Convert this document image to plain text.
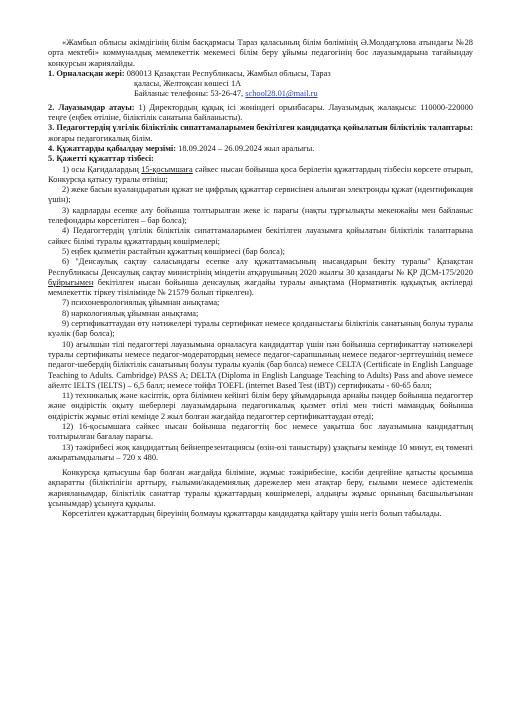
«Жамбыл облысы әкімдігінің білім басқармасы Тараз қаласының білім бөлімінің Ә.Молдағұлова атындағы №28 орта мектебі» коммуналдық мемлекеттік мекемесі білім беру ұйымы педагогінің бос лауазымдарына тағайындау конкурсын жариялайды.

1. Орналасқан жері: 080013 Қазақстан Республикасы, Жамбыл облысы, Тараз

қаласы, Желтоқсан көшесі 1А

Байланыс телефоны: 53-26-47, school28.01@mail.ru

2. Лауазымдар атауы: 1) Директордың құқық ісі жөніндегі орынбасары. Лауазымдық жалақысы: 110000-220000 теңге (еңбек өтіліне, біліктілік санатына байланысты).

3. Педагогтердің үлгілік біліктілік сипаттамаларымен бекітілген кандидатқа қойылатын біліктілік талаптары: жоғары педагогикалық білім.

4. Құжаттарды қабылдау мерзімі: 18.09.2024 – 26.09.2024 жыл аралығы.

5. Қажетті құжаттар тізбесі:

1) осы Қағидалардың 15-қосымшаға сәйкес нысан бойынша қоса берілетін құжаттардың тізбесін көрсете отырып, Конкурсқа қатысу туралы өтініш;

2) жеке басын куәландыратын құжат не цифрлық құжаттар сервисінен алынған электронды құжат (идентификация үшін);

3) кадрларды есепке алу бойынша толтырылған жеке іс парағы (нақты тұрғылықты мекенжайы мен байланыс телефондары көрсетілген – бар болса);

4) Педагогтердің үлгілік біліктілік сипаттамаларымен бекітілген лауазымға қойылатын біліктілік талаптарына сәйкес білімі туралы құжаттардың көшірмелері;

5) еңбек қызметін растайтын құжаттың көшірмесі (бар болса);

6) "Денсаулық сақтау саласындағы есепке алу құжаттамасының нысандарын бекіту туралы" Қазақстан Республикасы Денсаулық сақтау министрінің міндетін атқарушының 2020 жылғы 30 қазандағы № ҚР ДСМ-175/2020 бұйрығымен бекітілген нысан бойынша денсаулық жағдайы туралы анықтама (Нормативтік құқықтық актілерді мемлекеттік тіркеу тізілімінде № 21579 болып тіркелген).

7) психоневрологиялық ұйымнан анықтама;

8) наркологиялық ұйымнан анықтама;

9) сертификаттаудан өту нәтижелері туралы сертификат немесе қолданыстағы біліктілік санатының болуы туралы куәлік (бар болса);

10) ағылшын тілі педагогтері лауазымына орналасуға кандидаттар үшін пән бойынша сертификаттау нәтижелері туралы сертификаты немесе педагог-модератордың немесе педагог-сарапшының немесе педагог-зерттеушінің немесе педагог-шебердің біліктілік санатының болуы туралы куәлік (бар болса) немесе CELTA (Certificate in English Language Teaching to Adults. Cambridge) PASS A; DELTA (Diploma in English Language Teaching to Adults) Pass and above немесе айелтс IELTS (IELTS) – 6,5 балл; немесе тойфл TOEFL (internet Based Test (iBT)) сертификаты - 60-65 балл;

11) техникалық және кәсіптік, орта білімнен кейінгі білім беру ұйымдарында арнайы пәндер бойынша педагогтер және өндірістік оқыту шеберлері лауазымдарына педагогикалық қызмет өтілі мен тиісті мамандық бойынша өндірістік жұмыс өтілі кемінде 2 жыл болған жағдайда педагогтер сертификаттаудан өтеді;

12) 16-қосымшаға сәйкес нысан бойынша педагогтің бос немесе уақытша бос лауазымына кандидаттың толтырылған бағалау парағы.

13) тәжірибесі жоқ кандидаттың бейнепрезентациясы (өзін-өзі таныстыру) ұзақтығы кемінде 10 минут, ең төменгі ажыратымдылығы – 720 х 480.

Конкурсқа қатысушы бар болған жағдайда біліміне, жұмыс тәжірибесіне, кәсіби деңгейіне қатысты қосымша ақпаратты (біліктілігін арттыру, ғылыми/академиялық дәрежелер мен атақтар беру, ғылыми немесе әдістемелік жарияланымдар, біліктілік санаттар туралы құжаттардың көшірмелері, алдыңғы жұмыс орнының басшылығынан ұсынымдар) ұсынуға құқылы.

Көрсетілген құжаттардың біреуінің болмауы құжаттарды кандидатқа қайтару үшін негіз болып табылады.
